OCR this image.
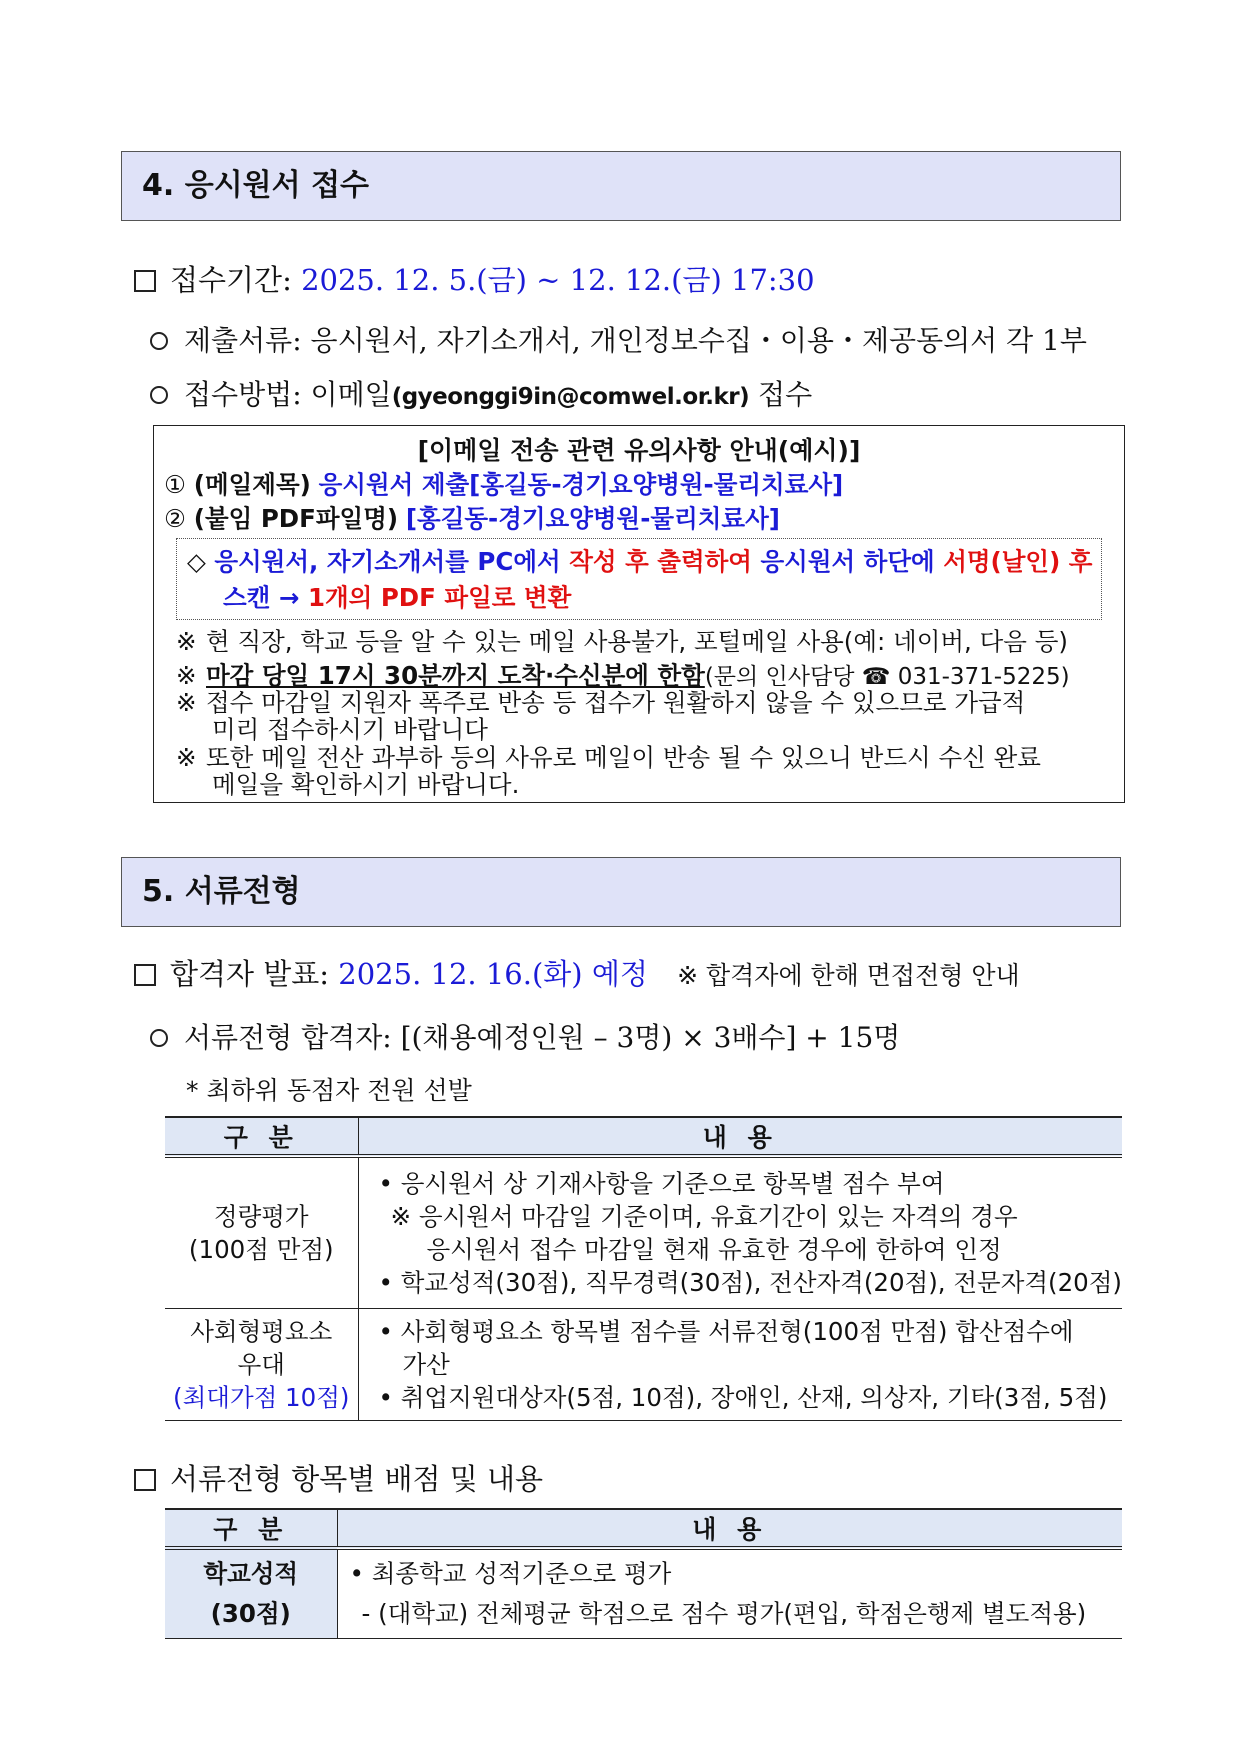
4. 응시원서 접수
접수기간: 2025. 12. 5.(금) ~ 12. 12.(금) 17:30
제출서류: 응시원서, 자기소개서, 개인정보수집・이용・제공동의서 각 1부
접수방법: 이메일(gyeonggi9in@comwel.or.kr) 접수
[이메일 전송 관련 유의사항 안내(예시)]
① (메일제목) 응시원서 제출[홍길동-경기요양병원-물리치료사]
② (붙임 PDF파일명) [홍길동-경기요양병원-물리치료사]
◇ 응시원서, 자기소개서를 PC에서 작성 후 출력하여 응시원서 하단에 서명(날인) 후
스캔 → 1개의 PDF 파일로 변환
※ 현 직장, 학교 등을 알 수 있는 메일 사용불가, 포털메일 사용(예: 네이버, 다음 등)
※ 마감 당일 17시 30분까지 도착·수신분에 한함(문의 인사담당 ☎ 031-371-5225)
※ 접수 마감일 지원자 폭주로 반송 등 접수가 원활하지 않을 수 있으므로 가급적
미리 접수하시기 바랍니다
※ 또한 메일 전산 과부하 등의 사유로 메일이 반송 될 수 있으니 반드시 수신 완료
메일을 확인하시기 바랍니다.
5. 서류전형
합격자 발표: 2025. 12. 16.(화) 예정 ※ 합격자에 한해 면접전형 안내
서류전형 합격자: [(채용예정인원 – 3명) × 3배수] + 15명
* 최하위 동점자 전원 선발
구 분	내 용

정량평가
(100점 만점)	• 응시원서 상 기재사항을 기준으로 항목별 점수 부여
※ 응시원서 마감일 기준이며, 유효기간이 있는 자격의 경우
응시원서 접수 마감일 현재 유효한 경우에 한하여 인정
• 학교성적(30점), 직무경력(30점), 전산자격(20점), 전문자격(20점)

사회형평요소
우대
(최대가점 10점)	• 사회형평요소 항목별 점수를 서류전형(100점 만점) 합산점수에
가산
• 취업지원대상자(5점, 10점), 장애인, 산재, 의상자, 기타(3점, 5점)
서류전형 항목별 배점 및 내용
구 분	내 용

학교성적
(30점)	• 최종학교 성적기준으로 평가
- (대학교) 전체평균 학점으로 점수 평가(편입, 학점은행제 별도적용)
